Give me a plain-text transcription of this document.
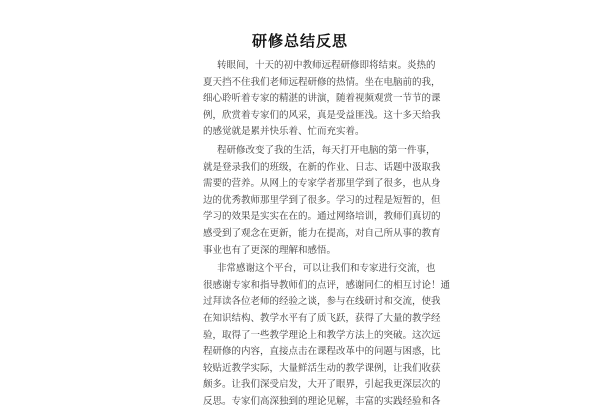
研修总结反思
转眼间，十天的初中教师远程研修即将结束。炎热的
夏天挡不住我们老师远程研修的热情。坐在电脑前的我，
细心聆听着专家的精湛的讲演，随着视频观赏一节节的课
例，欣赏着专家们的风采，真是受益匪浅。这十多天给我
的感觉就是累并快乐着、忙而充实着。
程研修改变了我的生活，每天打开电脑的第一件事，
就是登录我们的班级，在新的作业、日志、话题中汲取我
需要的营养。从网上的专家学者那里学到了很多，也从身
边的优秀教师那里学到了很多。学习的过程是短暂的，但
学习的效果是实实在在的。通过网络培训，教师们真切的
感受到了观念在更新，能力在提高，对自己所从事的教育
事业也有了更深的理解和感悟。
非常感谢这个平台，可以让我们和专家进行交流，也
很感谢专家和指导教师们的点评，感谢同仁的相互讨论！通
过拜读各位老师的经验之谈，参与在线研讨和交流，使我
在知识结构、教学水平有了质飞跃，获得了大量的教学经
验，取得了一些教学理论上和教学方法上的突破。这次远
程研修的内容，直接点击在课程改革中的问题与困惑，比
较贴近教学实际，大量鲜活生动的教学课例，让我们收获
颇多。让我们深受启发，大开了眼界，引起我更深层次的
反思。专家们高深独到的理论见解，丰富的实践经验和各
